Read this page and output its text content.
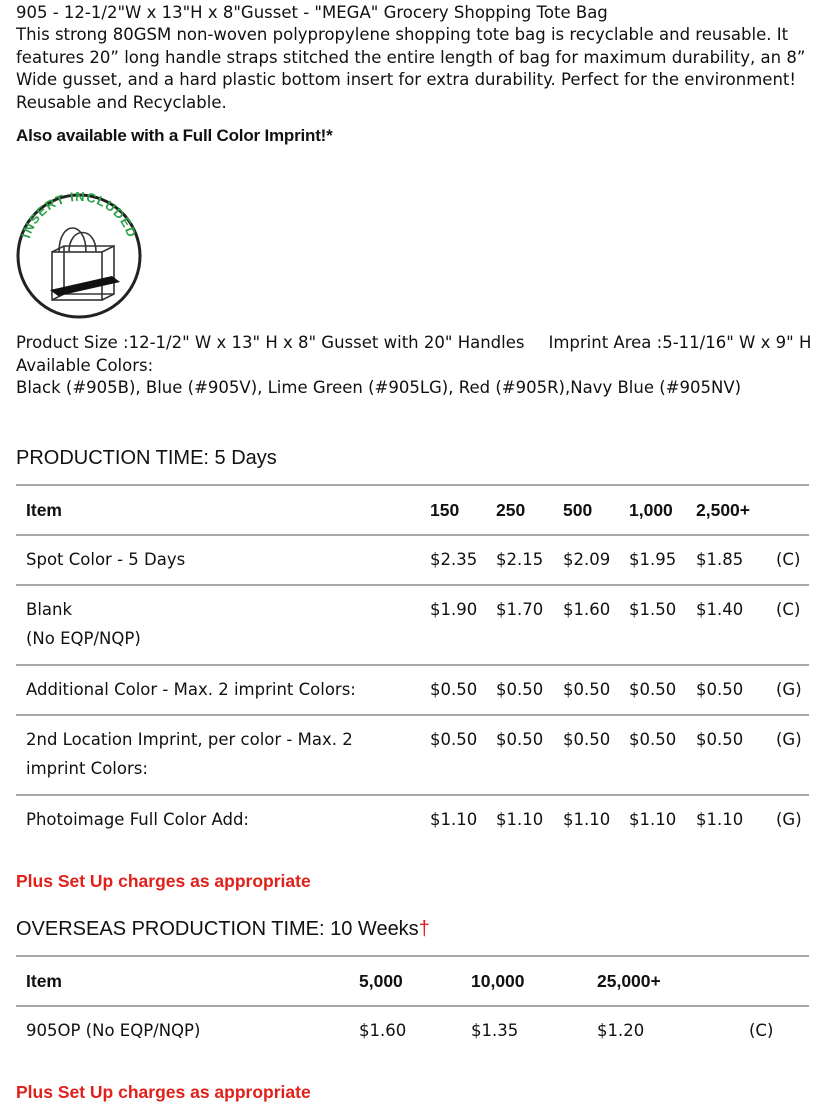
905 - 12-1/2"W x 13"H x 8"Gusset - "MEGA" Grocery Shopping Tote Bag
This strong 80GSM non-woven polypropylene shopping tote bag is recyclable and reusable. It features 20” long handle straps stitched the entire length of bag for maximum durability, an 8” Wide gusset, and a hard plastic bottom insert for extra durability. Perfect for the environment! Reusable and Recyclable.
Also available with a Full Color Imprint!*
INSERT INCLUDED
Product Size :12-1/2" W x 13" H x 8" Gusset with 20" Handles Imprint Area :5-11/16" W x 9" H
Available Colors:
Black (#905B), Blue (#905V), Lime Green (#905LG), Red (#905R),Navy Blue (#905NV)
PRODUCTION TIME: 5 Days
Item	150 250 500 1,000 2,500+
Spot Color - 5 Days	$2.35 $2.15 $2.09 $1.95 $1.85 (C)
Blank
(No EQP/NQP)
$1.90 $1.70 $1.60 $1.50 $1.40 (C)
Additional Color - Max. 2 imprint Colors:	$0.50 $0.50 $0.50 $0.50 $0.50 (G)
2nd Location Imprint, per color - Max. 2
imprint Colors:
$0.50 $0.50 $0.50 $0.50 $0.50 (G)
Photoimage Full Color Add:	$1.10 $1.10 $1.10 $1.10 $1.10 (G)
Plus Set Up charges as appropriate
OVERSEAS PRODUCTION TIME: 10 Weeks†
Item	5,000	10,000	25,000+
905OP (No EQP/NQP)	$1.60	$1.35	$1.20	(C)
Plus Set Up charges as appropriate
